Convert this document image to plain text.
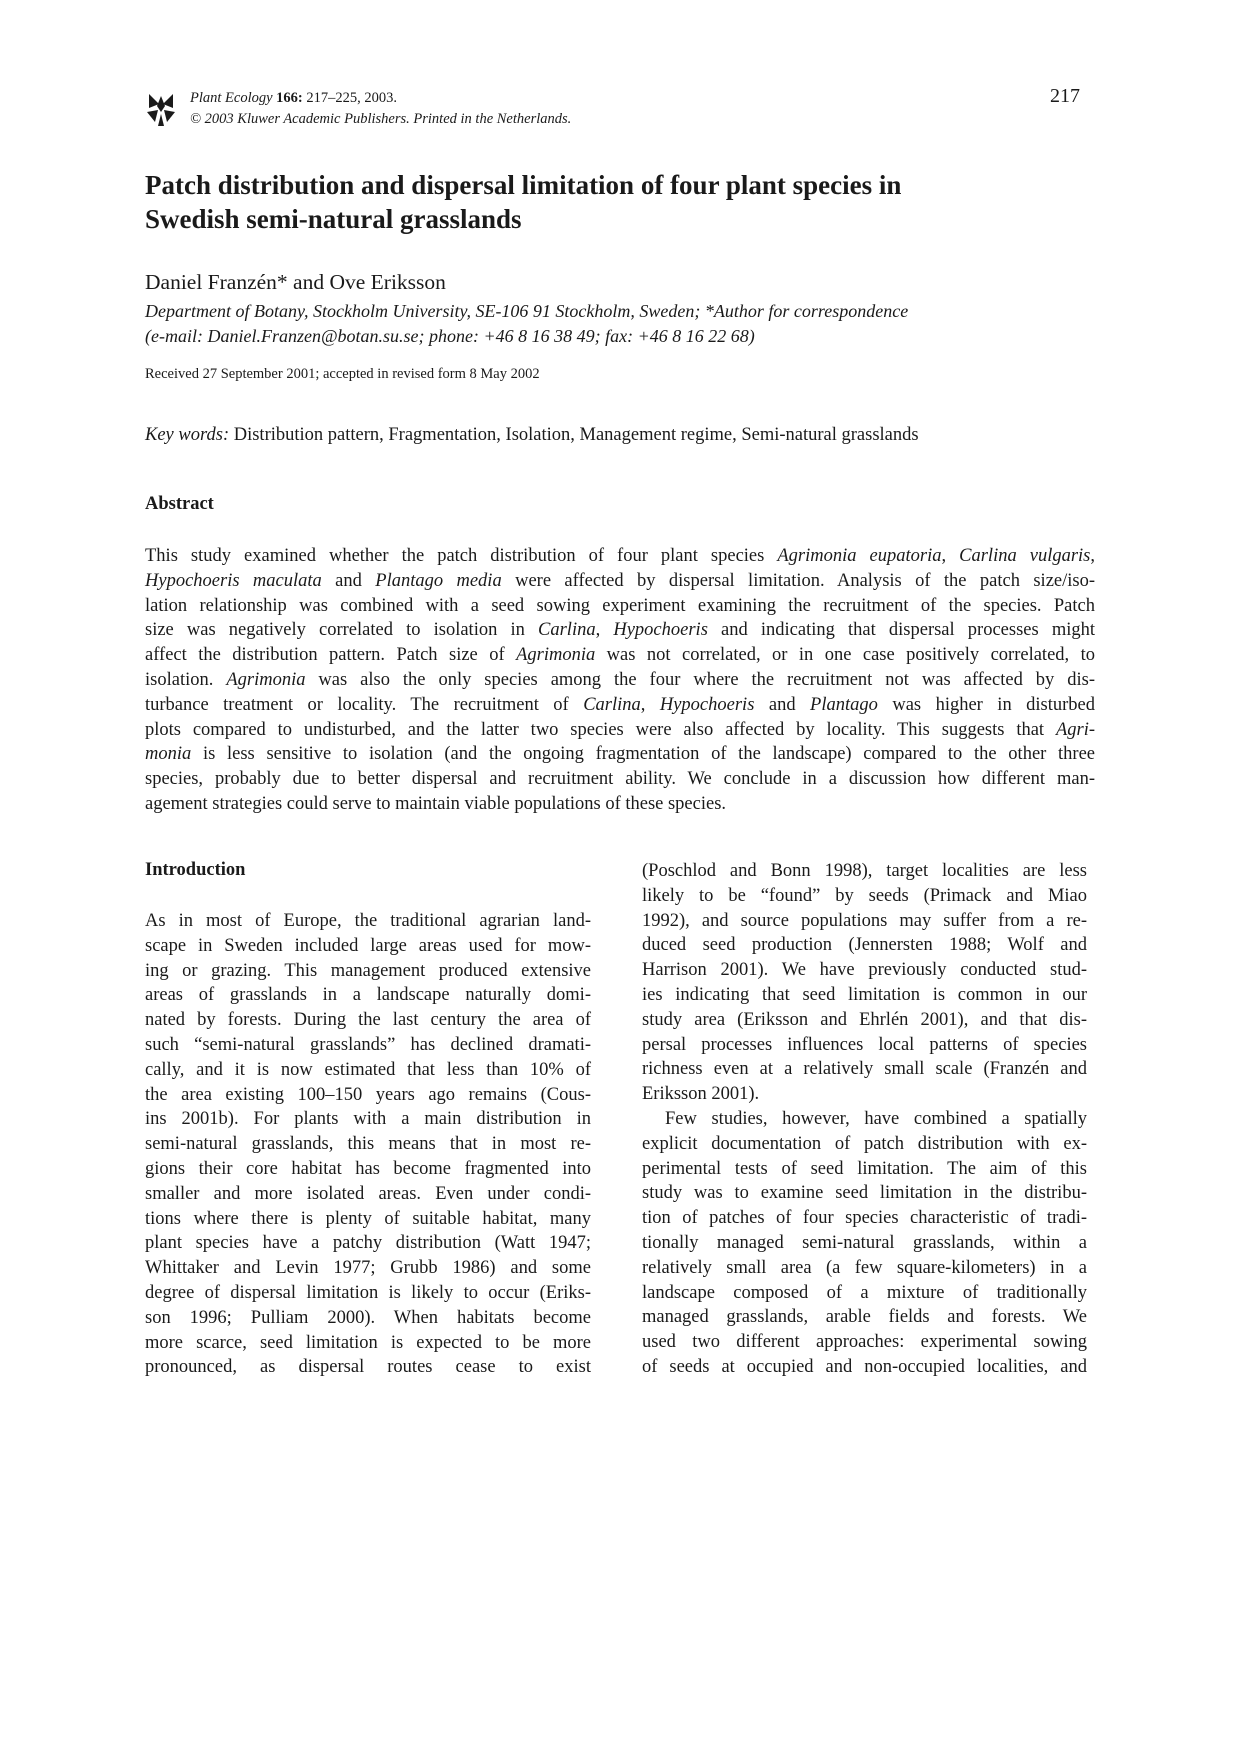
Plant Ecology 166: 217–225, 2003.
© 2003 Kluwer Academic Publishers. Printed in the Netherlands.
217
Patch distribution and dispersal limitation of four plant species in
Swedish semi-natural grasslands
Daniel Franzén* and Ove Eriksson
Department of Botany, Stockholm University, SE-106 91 Stockholm, Sweden; *Author for correspondence
(e-mail: Daniel.Franzen@botan.su.se; phone: +46 8 16 38 49; fax: +46 8 16 22 68)
Received 27 September 2001; accepted in revised form 8 May 2002
Key words: Distribution pattern, Fragmentation, Isolation, Management regime, Semi-natural grasslands
Abstract
This study examined whether the patch distribution of four plant species Agrimonia eupatoria, Carlina vulgaris,
Hypochoeris maculata and Plantago media were affected by dispersal limitation. Analysis of the patch size/iso-
lation relationship was combined with a seed sowing experiment examining the recruitment of the species. Patch
size was negatively correlated to isolation in Carlina, Hypochoeris and indicating that dispersal processes might
affect the distribution pattern. Patch size of Agrimonia was not correlated, or in one case positively correlated, to
isolation. Agrimonia was also the only species among the four where the recruitment not was affected by dis-
turbance treatment or locality. The recruitment of Carlina, Hypochoeris and Plantago was higher in disturbed
plots compared to undisturbed, and the latter two species were also affected by locality. This suggests that Agri-
monia is less sensitive to isolation (and the ongoing fragmentation of the landscape) compared to the other three
species, probably due to better dispersal and recruitment ability. We conclude in a discussion how different man-
agement strategies could serve to maintain viable populations of these species.
Introduction
As in most of Europe, the traditional agrarian land-
scape in Sweden included large areas used for mow-
ing or grazing. This management produced extensive
areas of grasslands in a landscape naturally domi-
nated by forests. During the last century the area of
such “semi-natural grasslands” has declined dramati-
cally, and it is now estimated that less than 10% of
the area existing 100–150 years ago remains (Cous-
ins 2001b). For plants with a main distribution in
semi-natural grasslands, this means that in most re-
gions their core habitat has become fragmented into
smaller and more isolated areas. Even under condi-
tions where there is plenty of suitable habitat, many
plant species have a patchy distribution (Watt 1947;
Whittaker and Levin 1977; Grubb 1986) and some
degree of dispersal limitation is likely to occur (Eriks-
son 1996; Pulliam 2000). When habitats become
more scarce, seed limitation is expected to be more
pronounced, as dispersal routes cease to exist
(Poschlod and Bonn 1998), target localities are less
likely to be “found” by seeds (Primack and Miao
1992), and source populations may suffer from a re-
duced seed production (Jennersten 1988; Wolf and
Harrison 2001). We have previously conducted stud-
ies indicating that seed limitation is common in our
study area (Eriksson and Ehrlén 2001), and that dis-
persal processes influences local patterns of species
richness even at a relatively small scale (Franzén and
Eriksson 2001).
Few studies, however, have combined a spatially
explicit documentation of patch distribution with ex-
perimental tests of seed limitation. The aim of this
study was to examine seed limitation in the distribu-
tion of patches of four species characteristic of tradi-
tionally managed semi-natural grasslands, within a
relatively small area (a few square-kilometers) in a
landscape composed of a mixture of traditionally
managed grasslands, arable fields and forests. We
used two different approaches: experimental sowing
of seeds at occupied and non-occupied localities, and
